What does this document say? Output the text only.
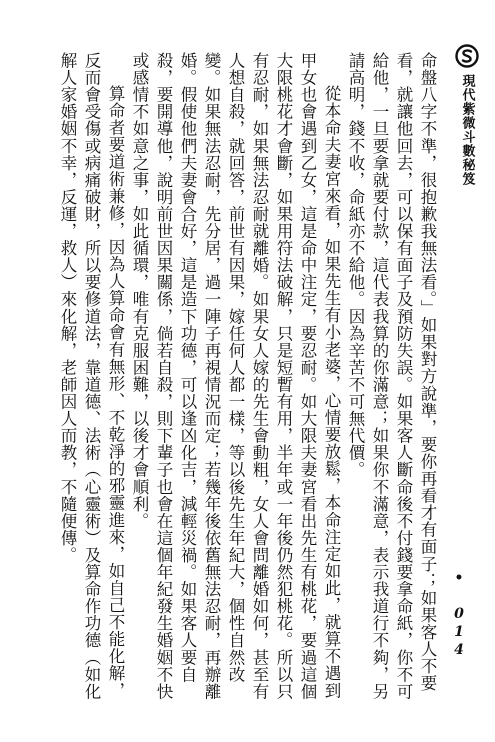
現代紫微斗數秘笈
• 014

命盤八字不準，很抱歉我無法看。」如果對方說準，要你再看才有面子；如果客人不要看，就讓他回去，可以保有面子及預防失誤。如果客人斷命後不付錢要拿命紙，你不可給他，一旦要拿就要付款，這代表我算的你滿意；如果你不滿意，表示我道行不夠，另請高明，錢不收，命紙亦不給他。因為辛苦不可無代價。

從本命夫妻宮來看，如果先生有小老婆，心情要放鬆，本命注定如此，就算不遇到甲女也會遇到乙女，這是命中注定，要忍耐。如大限夫妻宮看出先生有桃花，要過這個大限桃花才會斷，如果用符法破解，只是短暫有用，半年或一年後仍然犯桃花。所以只有忍耐，如果無法忍耐就離婚。如果女人嫁的先生會動粗，女人會問離婚如何，甚至有人想自殺，就回答，前世有因果，嫁任何人都一樣，等以後先生年紀大，個性自然改變。如果無法忍耐，先分居，過一陣子再視情況而定；若幾年後依舊無法忍耐，再辦離婚。假使他們夫妻會合好，這是造下功德，可以逢凶化吉，減輕災禍。如果客人要自殺，要開導他，說明前世因果關係，倘若自殺，則下輩子也會在這個年紀發生婚姻不快或感情不如意之事，如此循環，唯有克服困難，以後才會順利。

算命者要道術兼修，因為人算命會有無形、不乾淨的邪靈進來，如自己不能化解，反而會受傷或病痛破財，所以要修道法，靠道德、法術（心靈術）及算命作功德（如化解人家婚姻不幸，反運，救人）來化解，老師因人而教，不隨便傳。
